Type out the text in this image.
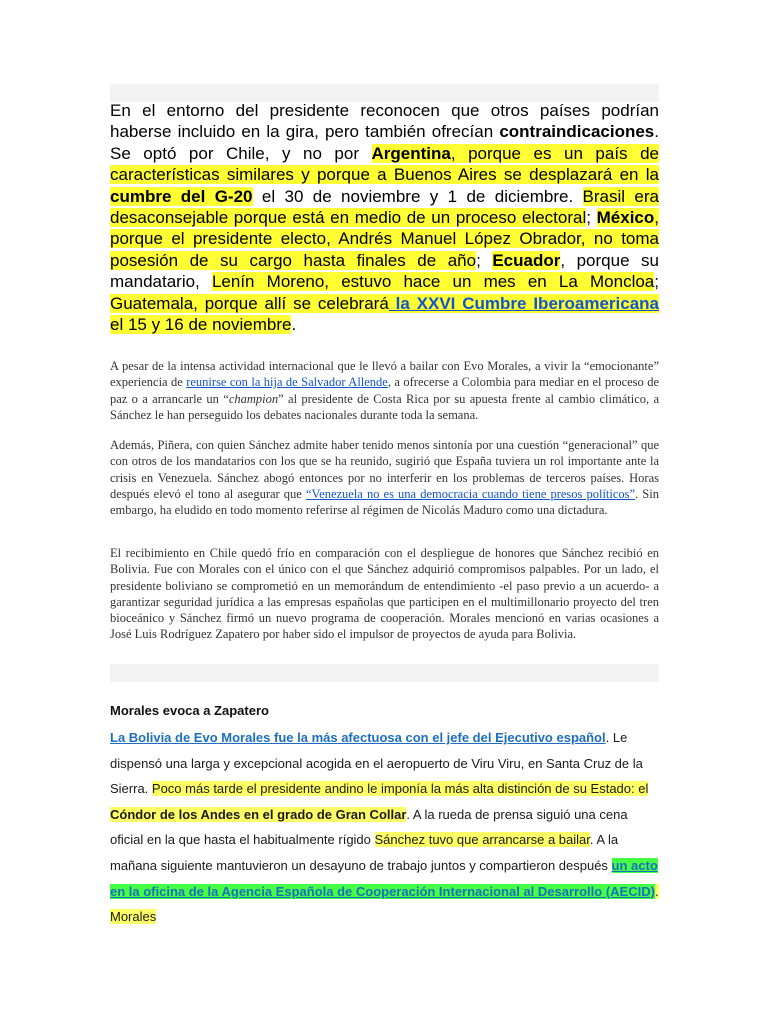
En el entorno del presidente reconocen que otros países podrían haberse incluido en la gira, pero también ofrecían contraindicaciones. Se optó por Chile, y no por Argentina, porque es un país de características similares y porque a Buenos Aires se desplazará en la cumbre del G-20 el 30 de noviembre y 1 de diciembre. Brasil era desaconsejable porque está en medio de un proceso electoral; México, porque el presidente electo, Andrés Manuel López Obrador, no toma posesión de su cargo hasta finales de año; Ecuador, porque su mandatario, Lenín Moreno, estuvo hace un mes en La Moncloa; Guatemala, porque allí se celebrará la XXVI Cumbre Iberoamericana el 15 y 16 de noviembre.

A pesar de la intensa actividad internacional que le llevó a bailar con Evo Morales, a vivir la “emocionante” experiencia de reunirse con la hija de Salvador Allende, a ofrecerse a Colombia para mediar en el proceso de paz o a arrancarle un “champion” al presidente de Costa Rica por su apuesta frente al cambio climático, a Sánchez le han perseguido los debates nacionales durante toda la semana.

Además, Piñera, con quien Sánchez admite haber tenido menos sintonía por una cuestión “generacional” que con otros de los mandatarios con los que se ha reunido, sugirió que España tuviera un rol importante ante la crisis en Venezuela. Sánchez abogó entonces por no interferir en los problemas de terceros países. Horas después elevó el tono al asegurar que “Venezuela no es una democracia cuando tiene presos políticos”. Sin embargo, ha eludido en todo momento referirse al régimen de Nicolás Maduro como una dictadura.

El recibimiento en Chile quedó frío en comparación con el despliegue de honores que Sánchez recibió en Bolivia. Fue con Morales con el único con el que Sánchez adquirió compromisos palpables. Por un lado, el presidente boliviano se comprometió en un memorándum de entendimiento -el paso previo a un acuerdo- a garantizar seguridad jurídica a las empresas españolas que participen en el multimillonario proyecto del tren bioceánico y Sánchez firmó un nuevo programa de cooperación. Morales mencionó en varias ocasiones a José Luis Rodríguez Zapatero por haber sido el impulsor de proyectos de ayuda para Bolivia.

Morales evoca a Zapatero

La Bolivia de Evo Morales fue la más afectuosa con el jefe del Ejecutivo español. Le dispensó una larga y excepcional acogida en el aeropuerto de Viru Viru, en Santa Cruz de la Sierra. Poco más tarde el presidente andino le imponía la más alta distinción de su Estado: el Cóndor de los Andes en el grado de Gran Collar. A la rueda de prensa siguió una cena oficial en la que hasta el habitualmente rígido Sánchez tuvo que arrancarse a bailar. A la mañana siguiente mantuvieron un desayuno de trabajo juntos y compartieron después un acto en la oficina de la Agencia Española de Cooperación Internacional al Desarrollo (AECID). Morales
